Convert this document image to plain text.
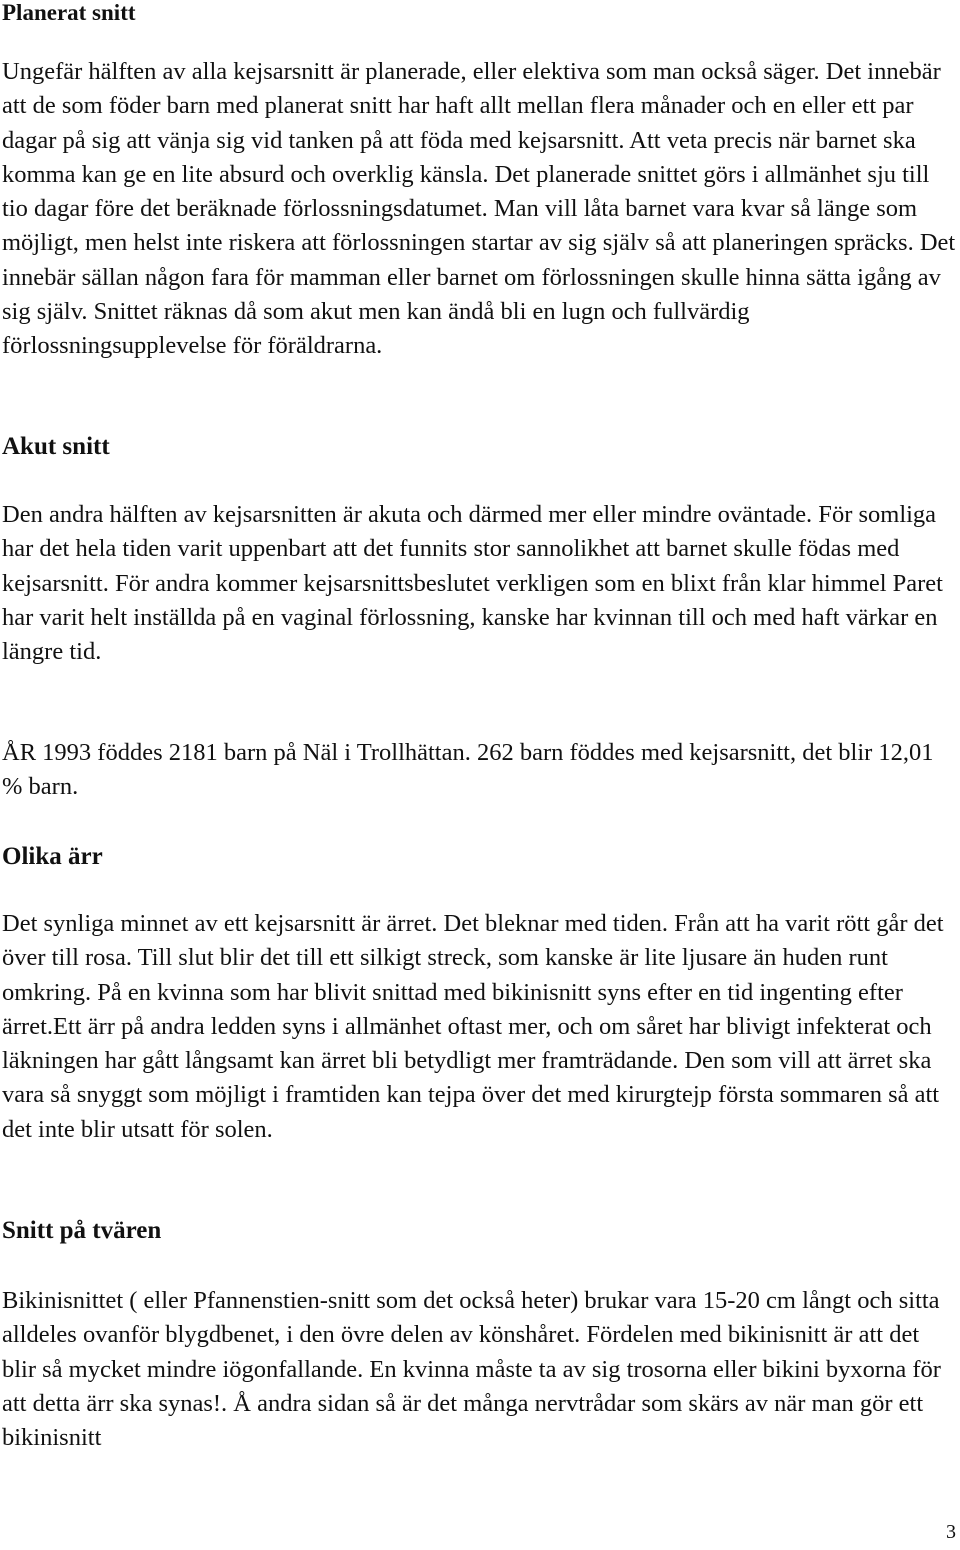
Planerat snitt

Ungefär hälften av alla kejsarsnitt är planerade, eller elektiva som man också säger. Det innebär att de som föder barn med planerat snitt har haft allt mellan flera månader och en eller ett par dagar på sig att vänja sig vid tanken på att föda med kejsarsnitt. Att veta precis när barnet ska komma kan ge en lite absurd och overklig känsla. Det planerade snittet görs i allmänhet sju till tio dagar före det beräknade förlossningsdatumet. Man vill låta barnet vara kvar så länge som möjligt, men helst inte riskera att förlossningen startar av sig själv så att planeringen spräcks. Det innebär sällan någon fara för mamman eller barnet om förlossningen skulle hinna sätta igång av sig själv. Snittet räknas då som akut men kan ändå bli en lugn och fullvärdig förlossningsupplevelse för föräldrarna.

Akut snitt

Den andra hälften av kejsarsnitten är akuta och därmed mer eller mindre oväntade. För somliga har det hela tiden varit uppenbart att det funnits stor sannolikhet att barnet skulle födas med kejsarsnitt. För andra kommer kejsarsnittsbeslutet verkligen som en blixt från klar himmel Paret har varit helt inställda på en vaginal förlossning, kanske har kvinnan till och med haft värkar en längre tid.

ÅR 1993 föddes 2181 barn på Näl i Trollhättan. 262 barn föddes med kejsarsnitt, det blir 12,01 % barn.

Olika ärr

Det synliga minnet av ett kejsarsnitt är ärret. Det bleknar med tiden. Från att ha varit rött går det över till rosa. Till slut blir det till ett silkigt streck, som kanske är lite ljusare än huden runt omkring. På en kvinna som har blivit snittad med bikinisnitt syns efter en tid ingenting efter ärret.Ett ärr på andra ledden syns i allmänhet oftast mer, och om såret har blivigt infekterat och läkningen har gått långsamt kan ärret bli betydligt mer framträdande. Den som vill att ärret ska vara så snyggt som möjligt i framtiden kan tejpa över det med kirurgtejp första sommaren så att det inte blir utsatt för solen.

Snitt på tvären

Bikinisnittet ( eller Pfannenstien-snitt som det också heter) brukar vara 15-20 cm långt och sitta alldeles ovanför blygdbenet, i den övre delen av könshåret. Fördelen med bikinisnitt är att det blir så mycket mindre iögonfallande. En kvinna måste ta av sig trosorna eller bikini byxorna för att detta ärr ska synas!. Å andra sidan så är det många nervtrådar som skärs av när man gör ett bikinisnitt

3
